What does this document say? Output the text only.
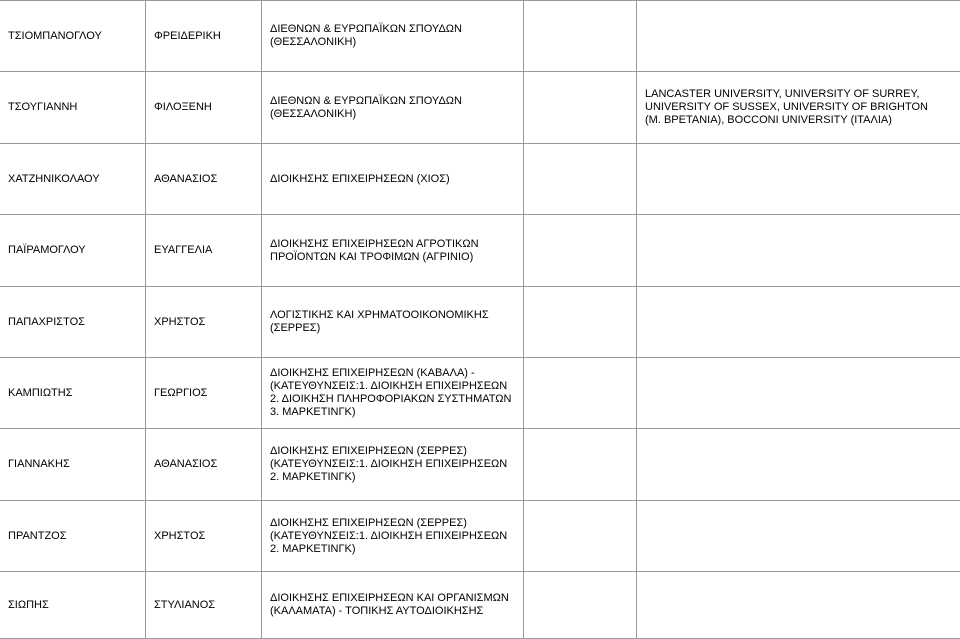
ΤΣΙΟΜΠΑΝΟΓΛΟΥ	ΦΡΕΙΔΕΡΙΚΗ	ΔΙΕΘΝΩΝ & ΕΥΡΩΠΑΪΚΩΝ ΣΠΟΥΔΩΝ
(ΘΕΣΣΑΛΟΝΙΚΗ)		
ΤΣΟΥΓΙΑΝΝΗ	ΦΙΛΟΞΕΝΗ	ΔΙΕΘΝΩΝ & ΕΥΡΩΠΑΪΚΩΝ ΣΠΟΥΔΩΝ
(ΘΕΣΣΑΛΟΝΙΚΗ)		LANCASTER UNIVERSITY, UNIVERSITY OF SURREY,
UNIVERSITY OF SUSSEX, UNIVERSITY OF BRIGHTON
(Μ. ΒΡΕΤΑΝΙΑ), BOCCONI UNIVERSITY (ΙΤΑΛΙΑ)
ΧΑΤΖΗΝΙΚΟΛΑΟΥ	ΑΘΑΝΑΣΙΟΣ	ΔΙΟΙΚΗΣΗΣ ΕΠΙΧΕΙΡΗΣΕΩΝ (ΧΙΟΣ)		
ΠΑΪΡΑΜΟΓΛΟΥ	ΕΥΑΓΓΕΛΙΑ	ΔΙΟΙΚΗΣΗΣ ΕΠΙΧΕΙΡΗΣΕΩΝ ΑΓΡΟΤΙΚΩΝ
ΠΡΟΪΟΝΤΩΝ ΚΑΙ ΤΡΟΦΙΜΩΝ (ΑΓΡΙΝΙΟ)		
ΠΑΠΑΧΡΙΣΤΟΣ	ΧΡΗΣΤΟΣ	ΛΟΓΙΣΤΙΚΗΣ ΚΑΙ ΧΡΗΜΑΤΟΟΙΚΟΝΟΜΙΚΗΣ
(ΣΕΡΡΕΣ)		
ΚΑΜΠΙΩΤΗΣ	ΓΕΩΡΓΙΟΣ	ΔΙΟΙΚΗΣΗΣ ΕΠΙΧΕΙΡΗΣΕΩΝ (ΚΑΒΑΛΑ) -
(ΚΑΤΕΥΘΥΝΣΕΙΣ:1. ΔΙΟΙΚΗΣΗ ΕΠΙΧΕΙΡΗΣΕΩΝ
2. ΔΙΟΙΚΗΣΗ ΠΛΗΡΟΦΟΡΙΑΚΩΝ ΣΥΣΤΗΜΑΤΩΝ
3. ΜΑΡΚΕΤΙΝΓΚ)		
ΓΙΑΝΝΑΚΗΣ	ΑΘΑΝΑΣΙΟΣ	ΔΙΟΙΚΗΣΗΣ ΕΠΙΧΕΙΡΗΣΕΩΝ (ΣΕΡΡΕΣ)
(ΚΑΤΕΥΘΥΝΣΕΙΣ:1. ΔΙΟΙΚΗΣΗ ΕΠΙΧΕΙΡΗΣΕΩΝ
2. ΜΑΡΚΕΤΙΝΓΚ)		
ΠΡΑΝΤΖΟΣ	ΧΡΗΣΤΟΣ	ΔΙΟΙΚΗΣΗΣ ΕΠΙΧΕΙΡΗΣΕΩΝ (ΣΕΡΡΕΣ)
(ΚΑΤΕΥΘΥΝΣΕΙΣ:1. ΔΙΟΙΚΗΣΗ ΕΠΙΧΕΙΡΗΣΕΩΝ
2. ΜΑΡΚΕΤΙΝΓΚ)		
ΣΙΩΠΗΣ	ΣΤΥΛΙΑΝΟΣ	ΔΙΟΙΚΗΣΗΣ ΕΠΙΧΕΙΡΗΣΕΩΝ ΚΑΙ ΟΡΓΑΝΙΣΜΩΝ
(ΚΑΛΑΜΑΤΑ) - ΤΟΠΙΚΗΣ ΑΥΤΟΔΙΟΙΚΗΣΗΣ		
